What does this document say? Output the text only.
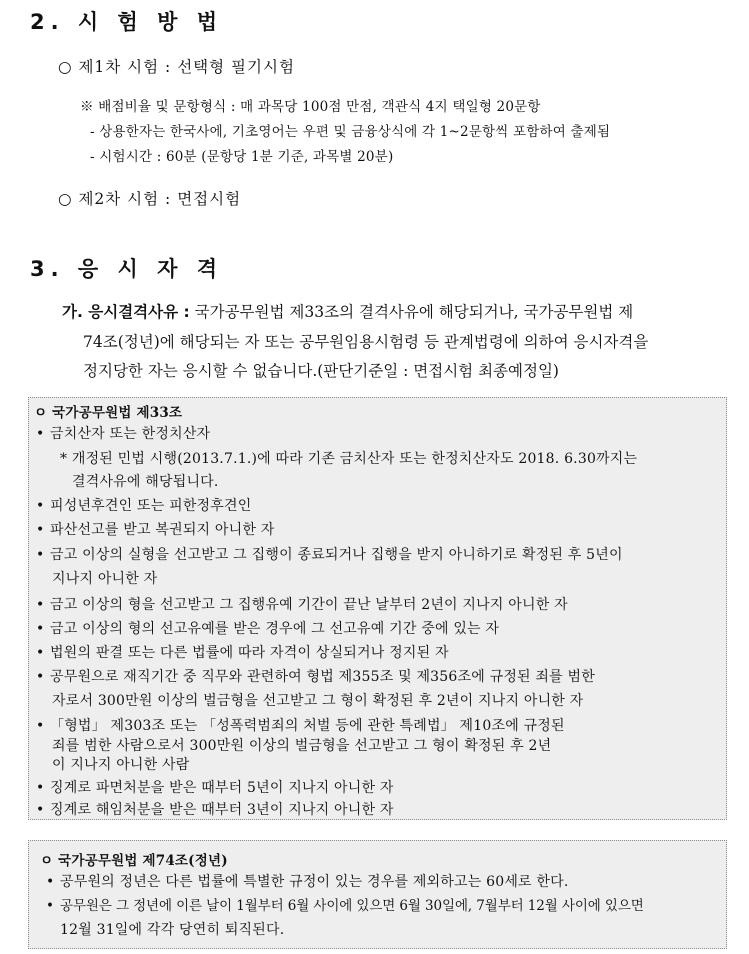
2. 시 험 방 법
○ 제1차 시험 : 선택형 필기시험
※ 배점비율 및 문항형식 : 매 과목당 100점 만점, 객관식 4지 택일형 20문항
- 상용한자는 한국사에, 기초영어는 우편 및 금융상식에 각 1~2문항씩 포함하여 출제됨
- 시험시간 : 60분 (문항당 1분 기준, 과목별 20분)
○ 제2차 시험 : 면접시험
3. 응 시 자 격
가. 응시결격사유 : 국가공무원법 제33조의 결격사유에 해당되거나, 국가공무원법 제
74조(정년)에 해당되는 자 또는 공무원임용시험령 등 관계법령에 의하여 응시자격을
정지당한 자는 응시할 수 없습니다.(판단기준일 : 면접시험 최종예정일)
ㅇ 국가공무원법 제33조
• 금치산자 또는 한정치산자
* 개정된 민법 시행(2013.7.1.)에 따라 기존 금치산자 또는 한정치산자도 2018. 6.30까지는
결격사유에 해당됩니다.
• 피성년후견인 또는 피한정후견인
• 파산선고를 받고 복권되지 아니한 자
• 금고 이상의 실형을 선고받고 그 집행이 종료되거나 집행을 받지 아니하기로 확정된 후 5년이
지나지 아니한 자
• 금고 이상의 형을 선고받고 그 집행유예 기간이 끝난 날부터 2년이 지나지 아니한 자
• 금고 이상의 형의 선고유예를 받은 경우에 그 선고유예 기간 중에 있는 자
• 법원의 판결 또는 다른 법률에 따라 자격이 상실되거나 정지된 자
• 공무원으로 재직기간 중 직무와 관련하여 형법 제355조 및 제356조에 규정된 죄를 범한
자로서 300만원 이상의 벌금형을 선고받고 그 형이 확정된 후 2년이 지나지 아니한 자
• 「형법」 제303조 또는 「성폭력범죄의 처벌 등에 관한 특례법」 제10조에 규정된
죄를 범한 사람으로서 300만원 이상의 벌금형을 선고받고 그 형이 확정된 후 2년
이 지나지 아니한 사람
• 징계로 파면처분을 받은 때부터 5년이 지나지 아니한 자
• 징계로 해임처분을 받은 때부터 3년이 지나지 아니한 자
ㅇ 국가공무원법 제74조(정년)
• 공무원의 정년은 다른 법률에 특별한 규정이 있는 경우를 제외하고는 60세로 한다.
• 공무원은 그 정년에 이른 날이 1월부터 6월 사이에 있으면 6월 30일에, 7월부터 12월 사이에 있으면
12월 31일에 각각 당연히 퇴직된다.
